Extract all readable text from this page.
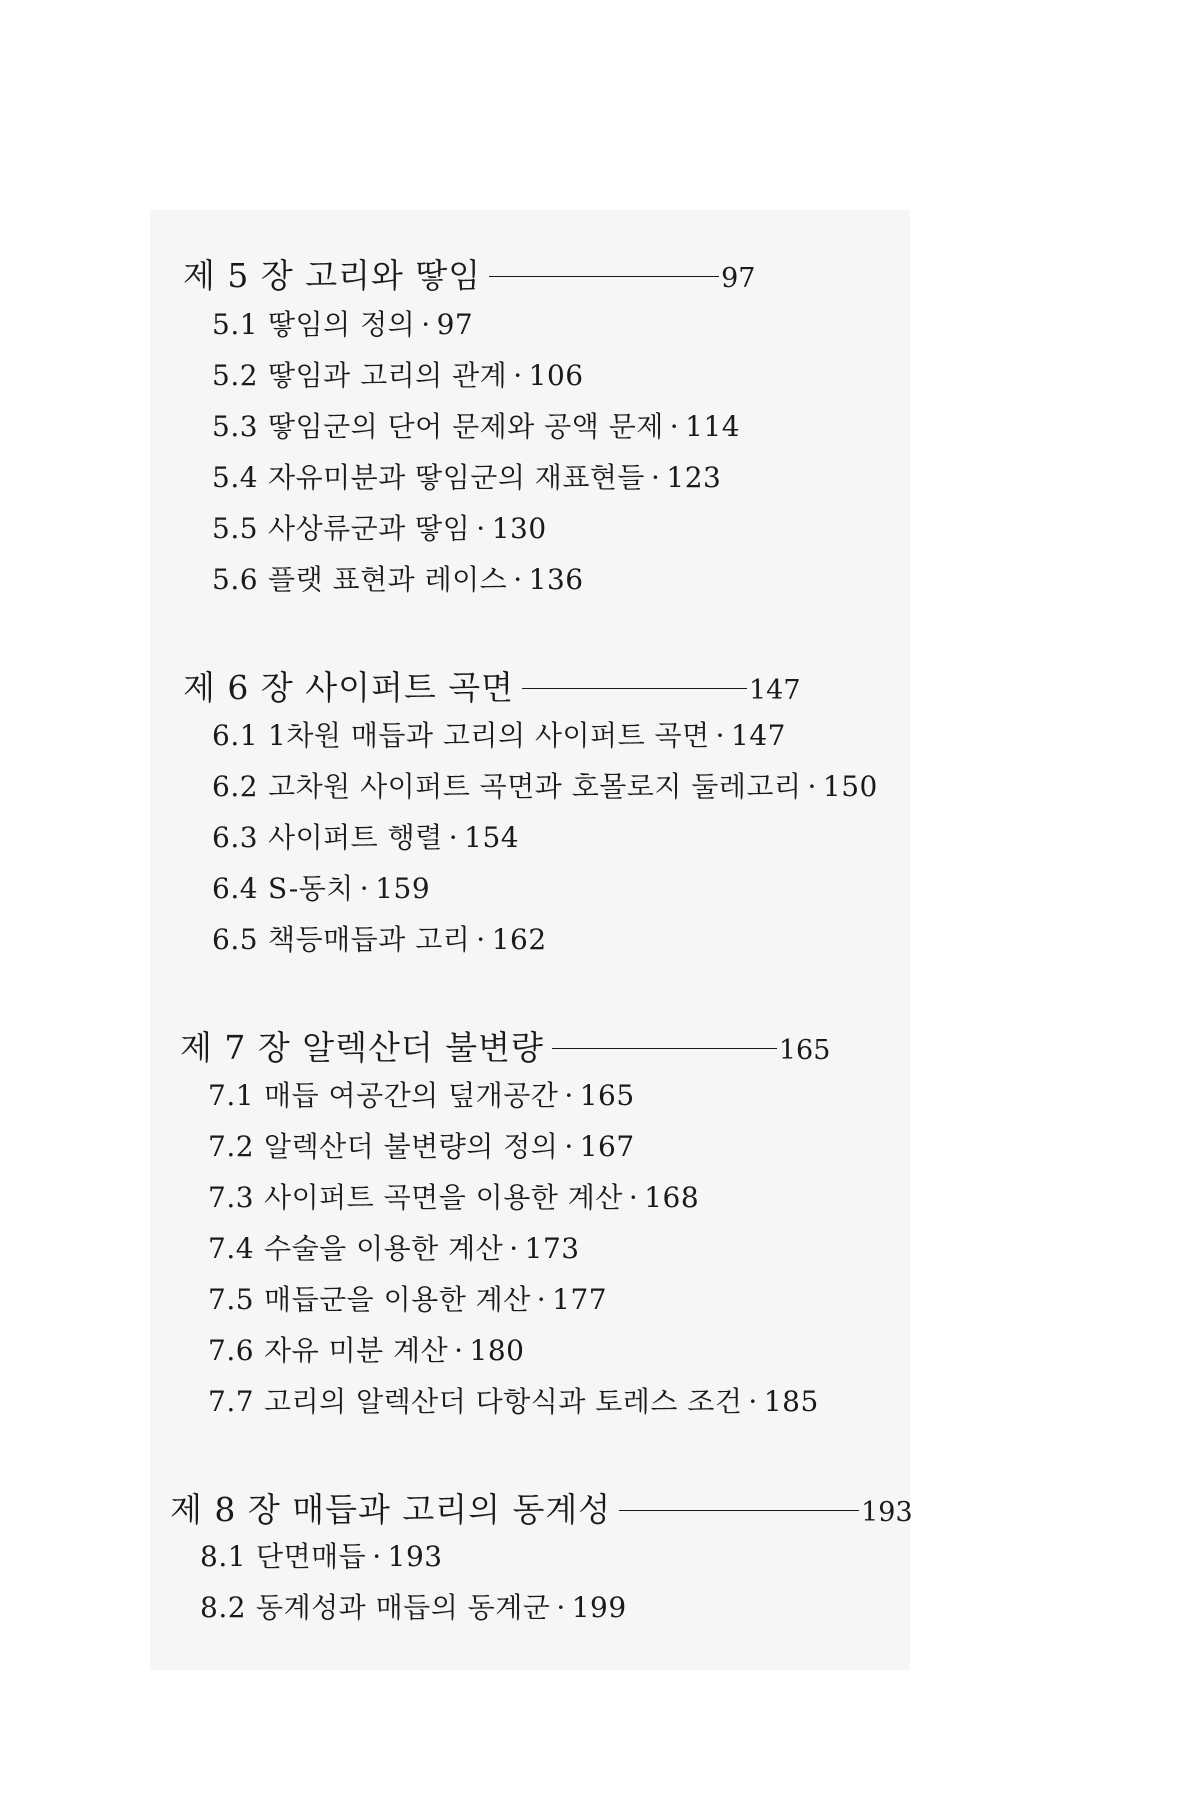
제 5 장 고리와 땋임	97
5.1 땋임의 정의 · 97
5.2 땋임과 고리의 관계 · 106
5.3 땋임군의 단어 문제와 공액 문제 · 114
5.4 자유미분과 땋임군의 재표현들 · 123
5.5 사상류군과 땋임 · 130
5.6 플랫 표현과 레이스 · 136
제 6 장 사이퍼트 곡면	147
6.1 1차원 매듭과 고리의 사이퍼트 곡면 · 147
6.2 고차원 사이퍼트 곡면과 호몰로지 둘레고리 · 150
6.3 사이퍼트 행렬 · 154
6.4 S-동치 · 159
6.5 책등매듭과 고리 · 162
제 7 장 알렉산더 불변량	165
7.1 매듭 여공간의 덮개공간 · 165
7.2 알렉산더 불변량의 정의 · 167
7.3 사이퍼트 곡면을 이용한 계산 · 168
7.4 수술을 이용한 계산 · 173
7.5 매듭군을 이용한 계산 · 177
7.6 자유 미분 계산 · 180
7.7 고리의 알렉산더 다항식과 토레스 조건 · 185
제 8 장 매듭과 고리의 동계성	193
8.1 단면매듭 · 193
8.2 동계성과 매듭의 동계군 · 199
